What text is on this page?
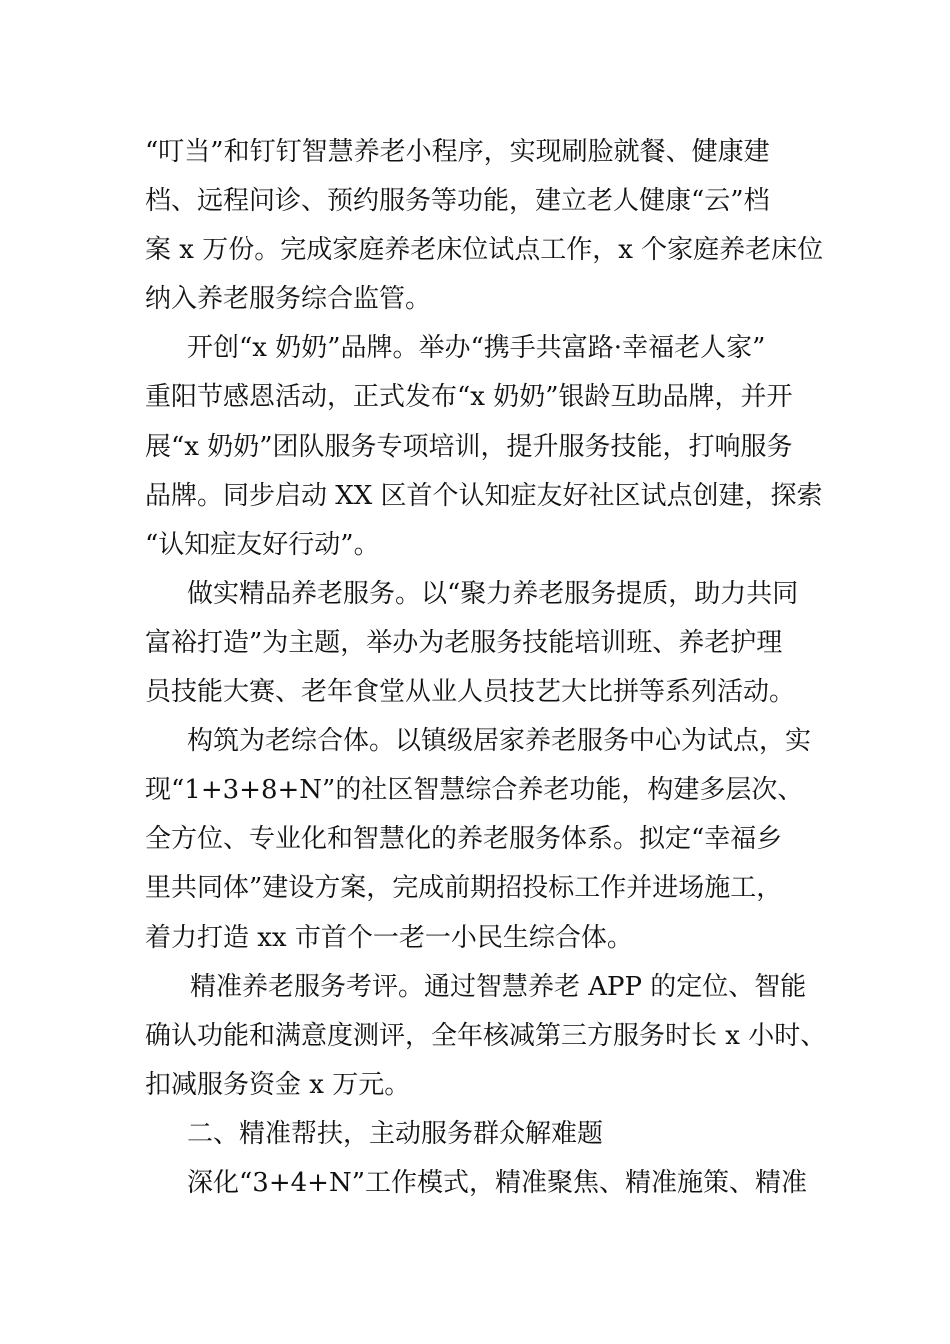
“叮当”和钉钉智慧养老小程序，实现刷脸就餐、健康建
档、远程问诊、预约服务等功能，建立老人健康“云”档
案 x 万份。完成家庭养老床位试点工作，x 个家庭养老床位
纳入养老服务综合监管。
开创“x 奶奶”品牌。举办“携手共富路·幸福老人家”
重阳节感恩活动，正式发布“x 奶奶”银龄互助品牌，并开
展“x 奶奶”团队服务专项培训，提升服务技能，打响服务
品牌。同步启动 XX 区首个认知症友好社区试点创建，探索
“认知症友好行动”。
做实精品养老服务。以“聚力养老服务提质，助力共同
富裕打造”为主题，举办为老服务技能培训班、养老护理
员技能大赛、老年食堂从业人员技艺大比拼等系列活动。
构筑为老综合体。以镇级居家养老服务中心为试点，实
现“1+3+8+N”的社区智慧综合养老功能，构建多层次、
全方位、专业化和智慧化的养老服务体系。拟定“幸福乡
里共同体”建设方案，完成前期招投标工作并进场施工，
着力打造 xx 市首个一老一小民生综合体。
精准养老服务考评。通过智慧养老 APP 的定位、智能
确认功能和满意度测评，全年核减第三方服务时长 x 小时、
扣减服务资金 x 万元。
二、精准帮扶，主动服务群众解难题
深化“3+4+N”工作模式，精准聚焦、精准施策、精准
